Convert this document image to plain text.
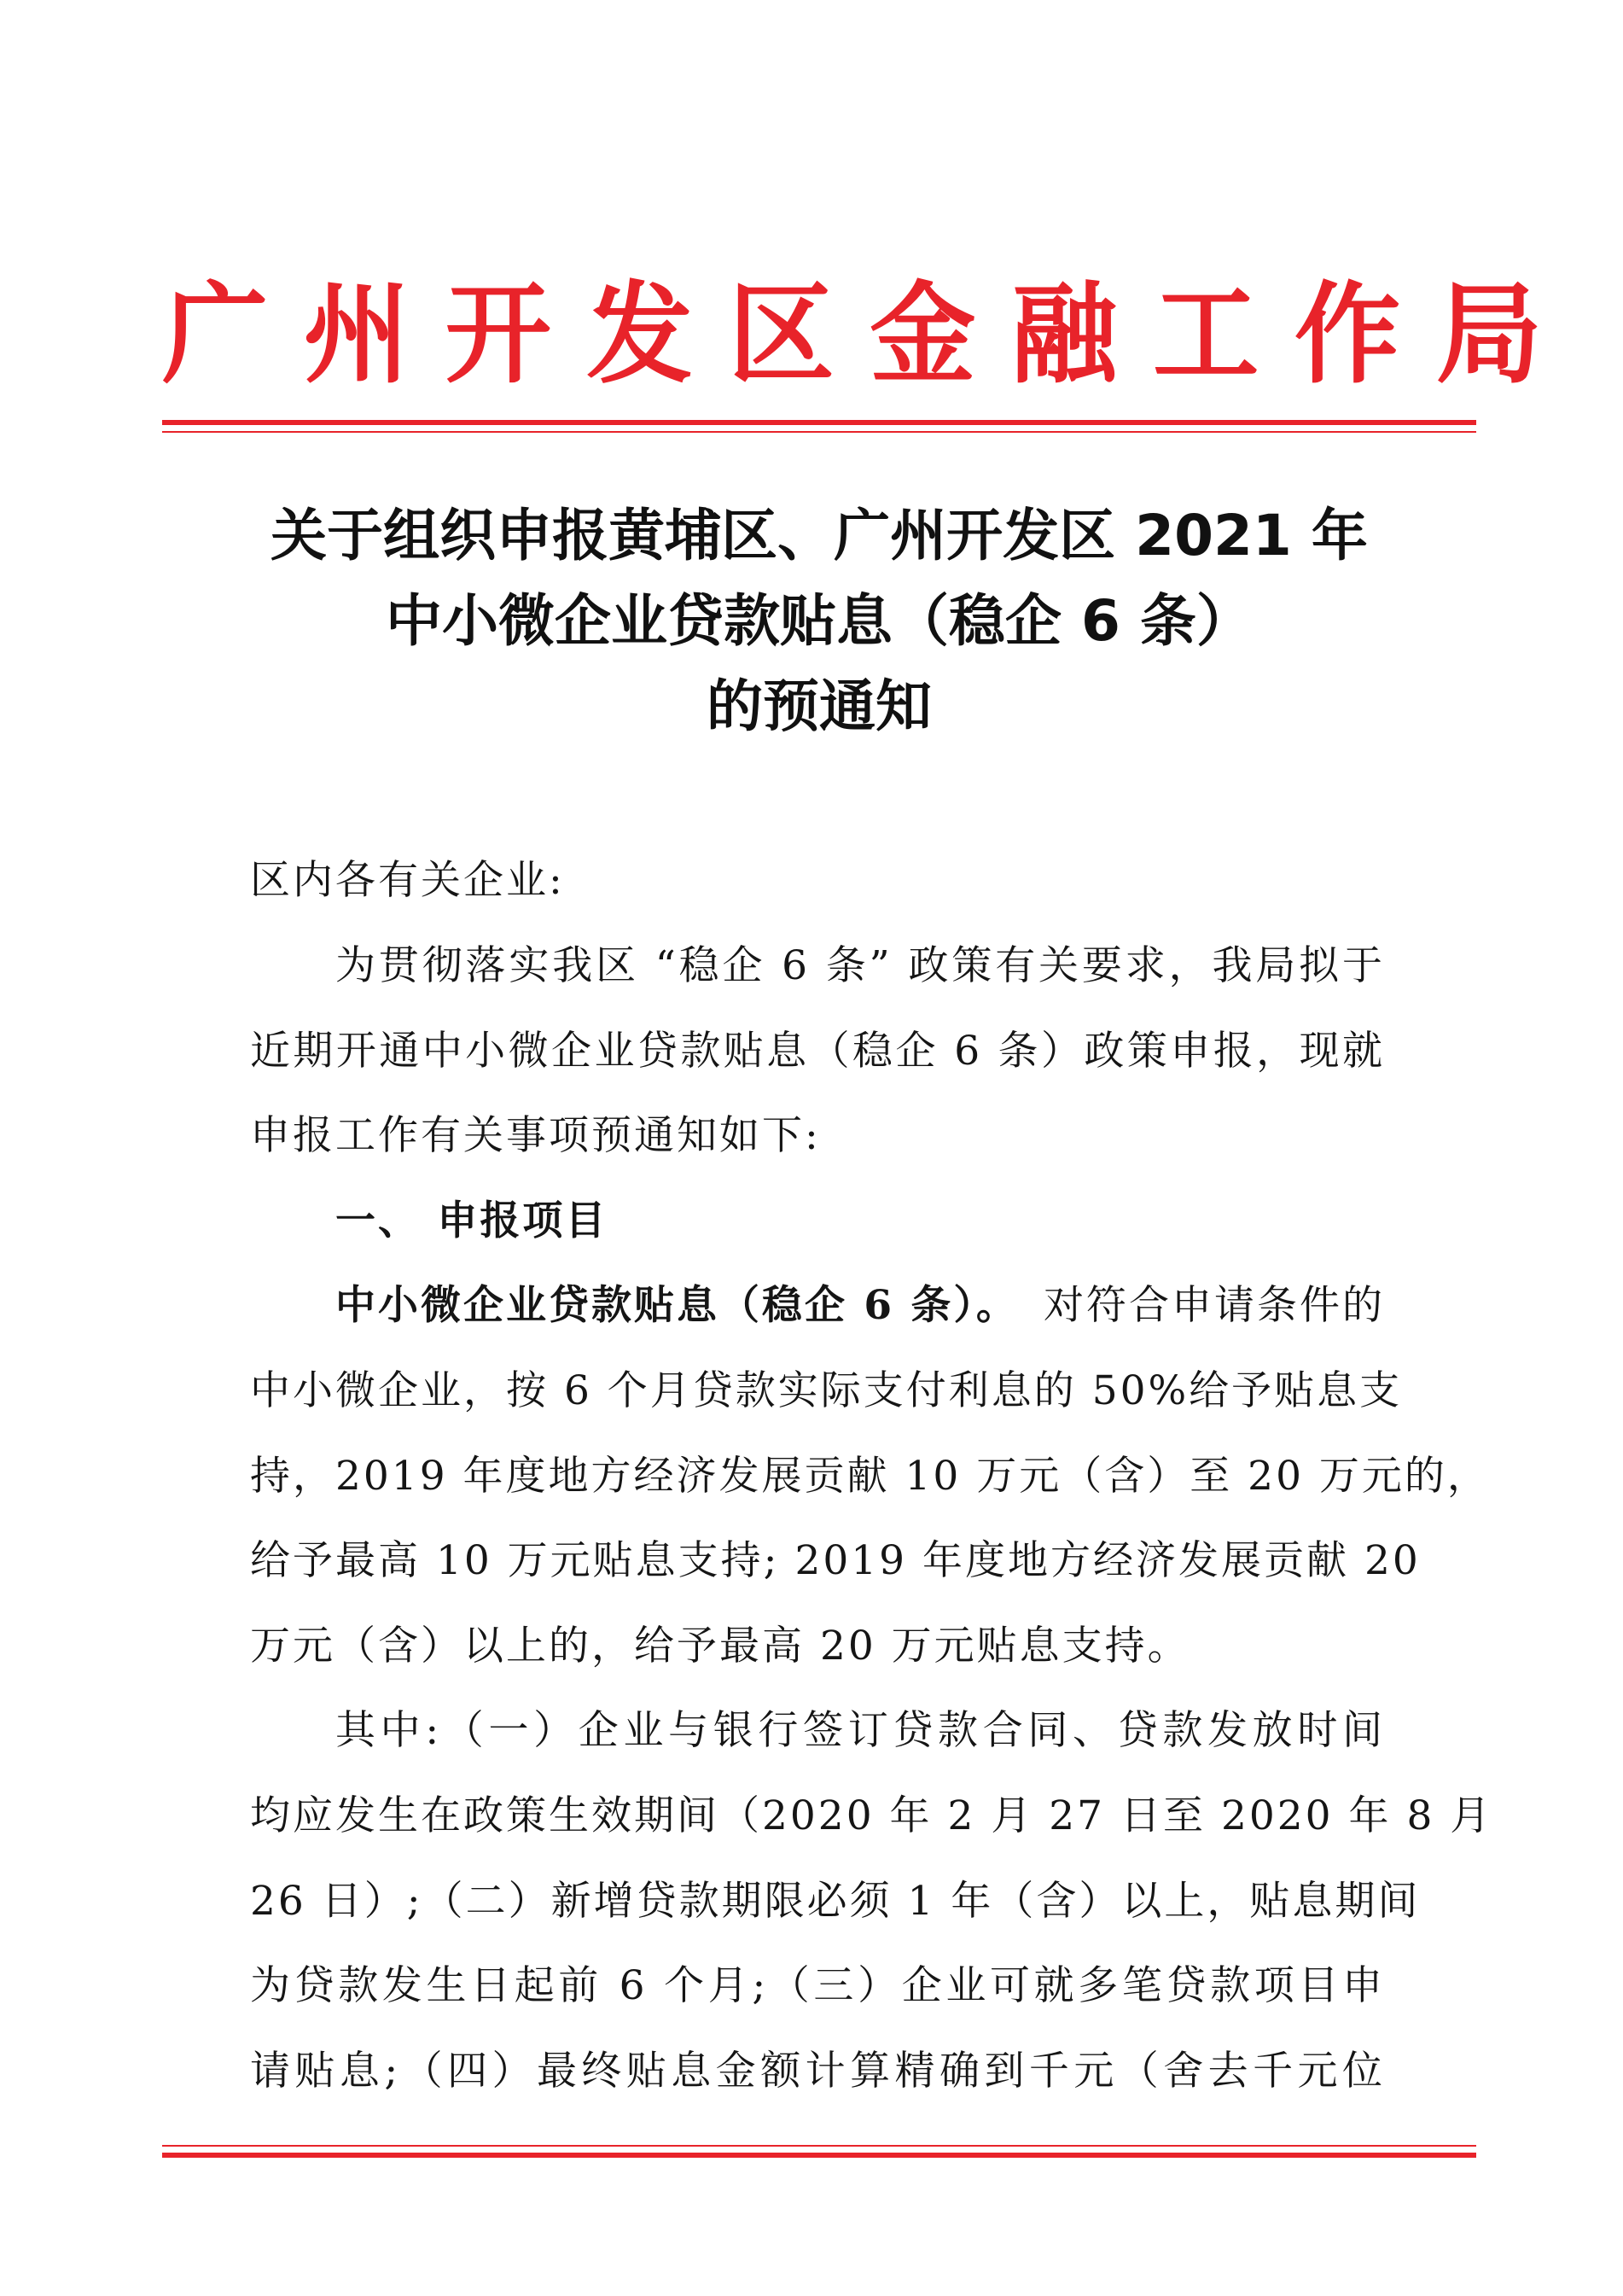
广州开发区金融工作局
关于组织申报黄埔区、广州开发区 2021 年
中小微企业贷款贴息（稳企 6 条）
的预通知
区内各有关企业:
为贯彻落实我区 “稳企 6 条” 政策有关要求，我局拟于
近期开通中小微企业贷款贴息（稳企 6 条）政策申报，现就
申报工作有关事项预通知如下:
一、 申报项目
中小微企业贷款贴息（稳企 6 条）。 对符合申请条件的
中小微企业，按 6 个月贷款实际支付利息的 50%给予贴息支
持，2019 年度地方经济发展贡献 10 万元（含）至 20 万元的，
给予最高 10 万元贴息支持; 2019 年度地方经济发展贡献 20
万元（含）以上的，给予最高 20 万元贴息支持。
其中:（一）企业与银行签订贷款合同、贷款发放时间
均应发生在政策生效期间（2020 年 2 月 27 日至 2020 年 8 月
26 日）;（二）新增贷款期限必须 1 年（含）以上，贴息期间
为贷款发生日起前 6 个月;（三）企业可就多笔贷款项目申
请贴息;（四）最终贴息金额计算精确到千元（舍去千元位
